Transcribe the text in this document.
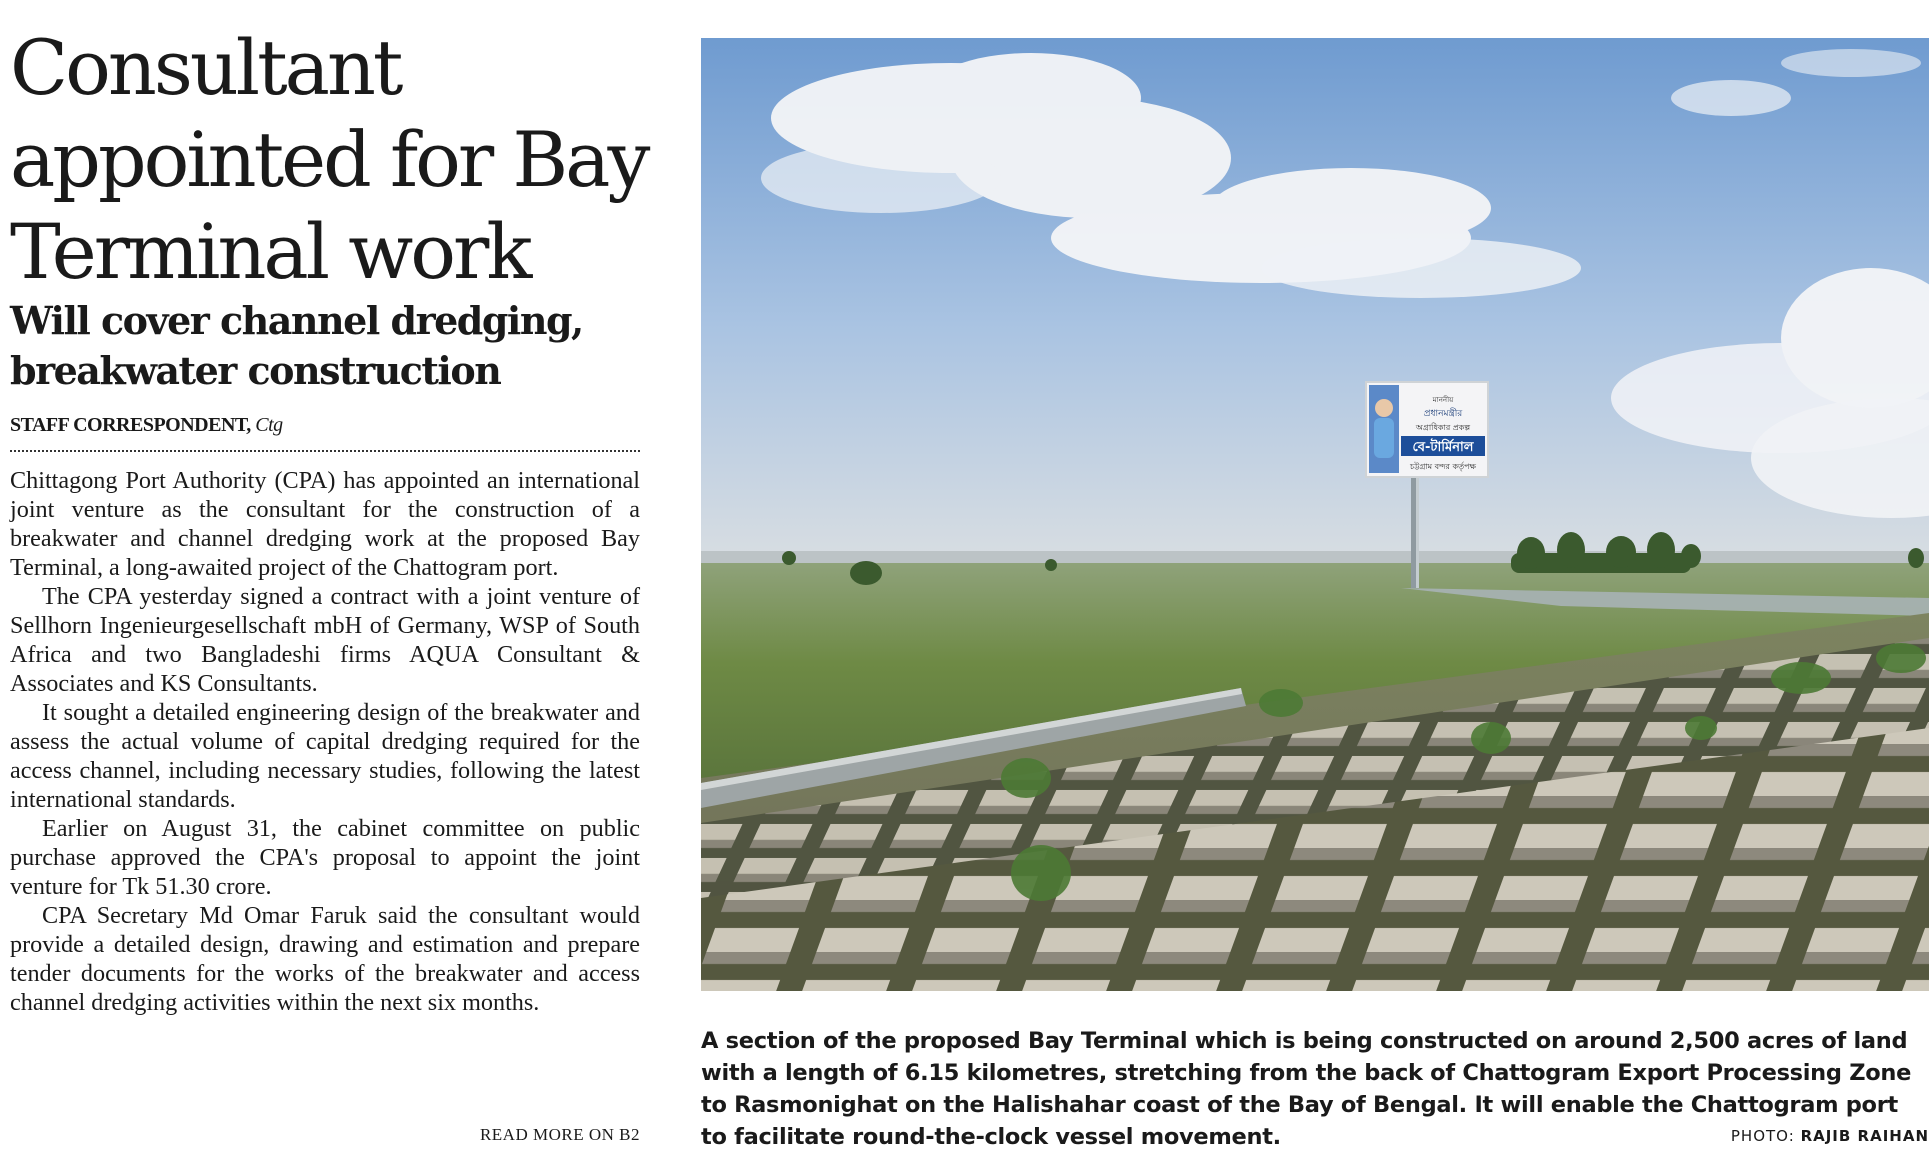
Consultant appointed for Bay Terminal work
Will cover channel dredging, breakwater construction
STAFF CORRESPONDENT, Ctg

Chittagong Port Authority (CPA) has appointed an international joint venture as the consultant for the construction of a breakwater and channel dredging work at the proposed Bay Terminal, a long-awaited project of the Chattogram port.

The CPA yesterday signed a contract with a joint venture of Sellhorn Ingenieurgesellschaft mbH of Germany, WSP of South Africa and two Bangladeshi firms AQUA Consultant & Associates and KS Consultants.

It sought a detailed engineering design of the breakwater and assess the actual volume of capital dredging required for the access channel, including necessary studies, following the latest international standards.

Earlier on August 31, the cabinet committee on public purchase approved the CPA's proposal to appoint the joint venture for Tk 51.30 crore.

CPA Secretary Md Omar Faruk said the consultant would provide a detailed design, drawing and estimation and prepare tender documents for the works of the breakwater and access channel dredging activities within the next six months.

READ MORE ON B2
বে-টার্মিনাল
প্রধানমন্ত্রীর
অগ্রাধিকার প্রকল্প
মাননীয়
চট্টগ্রাম বন্দর কর্তৃপক্ষ
A section of the proposed Bay Terminal which is being constructed on around 2,500 acres of land with a length of 6.15 kilometres, stretching from the back of Chattogram Export Processing Zone to Rasmonighat on the Halishahar coast of the Bay of Bengal. It will enable the Chattogram port to facilitate round-the-clock vessel movement.	PHOTO: RAJIB RAIHAN
